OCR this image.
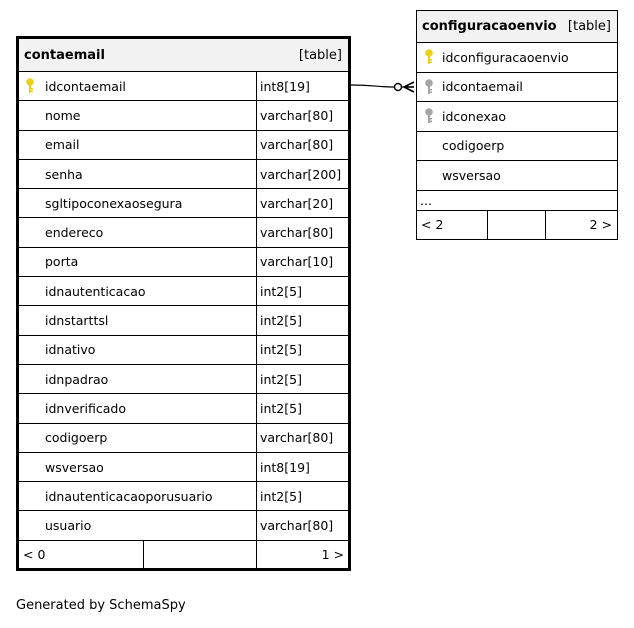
contaemail	[table]
idcontaemail	int8[19]
nome	varchar[80]
email	varchar[80]
senha	varchar[200]
sgltipoconexaosegura	varchar[20]
endereco	varchar[80]
porta	varchar[10]
idnautenticacao	int2[5]
idnstarttsl	int2[5]
idnativo	int2[5]
idnpadrao	int2[5]
idnverificado	int2[5]
codigoerp	varchar[80]
wsversao	int8[19]
idnautenticacaoporusuario	int2[5]
usuario	varchar[80]
< 0	1 >
configuracaoenvio [table]
idconfiguracaoenvio
idcontaemail
idconexao
codigoerp
wsversao
...
< 2	2 >
Generated by SchemaSpy
